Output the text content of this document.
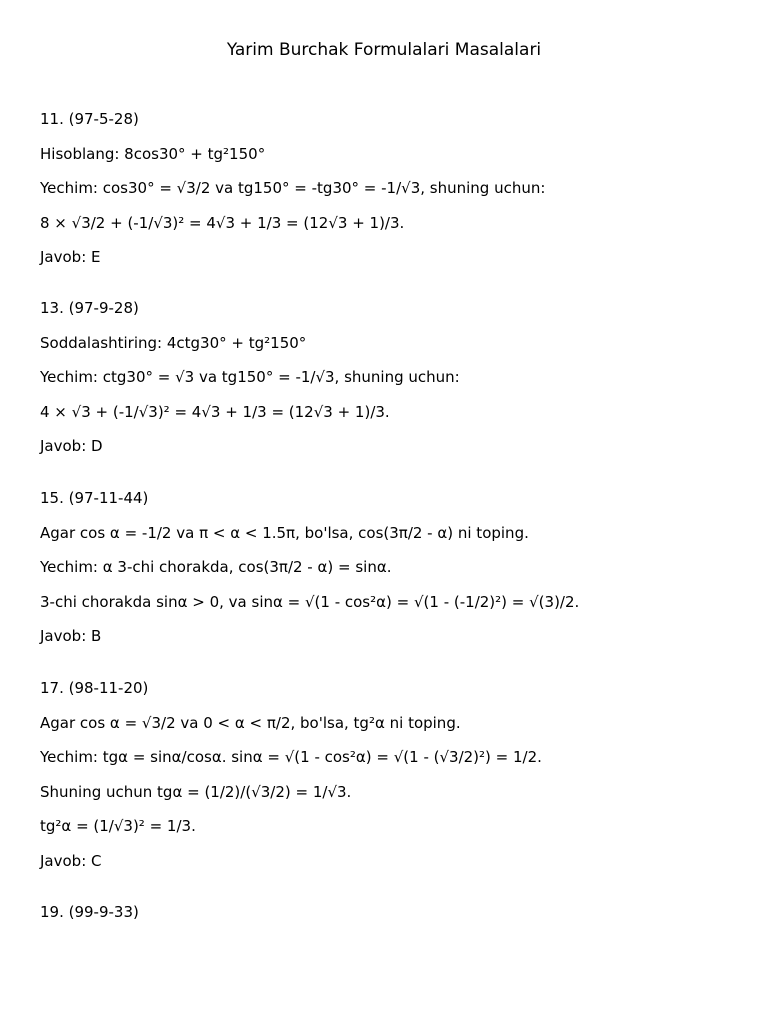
Yarim Burchak Formulalari Masalalari
11. (97-5-28)
Hisoblang: 8cos30° + tg²150°
Yechim: cos30° = √3/2 va tg150° = -tg30° = -1/√3, shuning uchun:
8 × √3/2 + (-1/√3)² = 4√3 + 1/3 = (12√3 + 1)/3.
Javob: E
13. (97-9-28)
Soddalashtiring: 4ctg30° + tg²150°
Yechim: ctg30° = √3 va tg150° = -1/√3, shuning uchun:
4 × √3 + (-1/√3)² = 4√3 + 1/3 = (12√3 + 1)/3.
Javob: D
15. (97-11-44)
Agar cos α = -1/2 va π < α < 1.5π, bo'lsa, cos(3π/2 - α) ni toping.
Yechim: α 3-chi chorakda, cos(3π/2 - α) = sinα.
3-chi chorakda sinα > 0, va sinα = √(1 - cos²α) = √(1 - (-1/2)²) = √(3)/2.
Javob: B
17. (98-11-20)
Agar cos α = √3/2 va 0 < α < π/2, bo'lsa, tg²α ni toping.
Yechim: tgα = sinα/cosα. sinα = √(1 - cos²α) = √(1 - (√3/2)²) = 1/2.
Shuning uchun tgα = (1/2)/(√3/2) = 1/√3.
tg²α = (1/√3)² = 1/3.
Javob: C
19. (99-9-33)
